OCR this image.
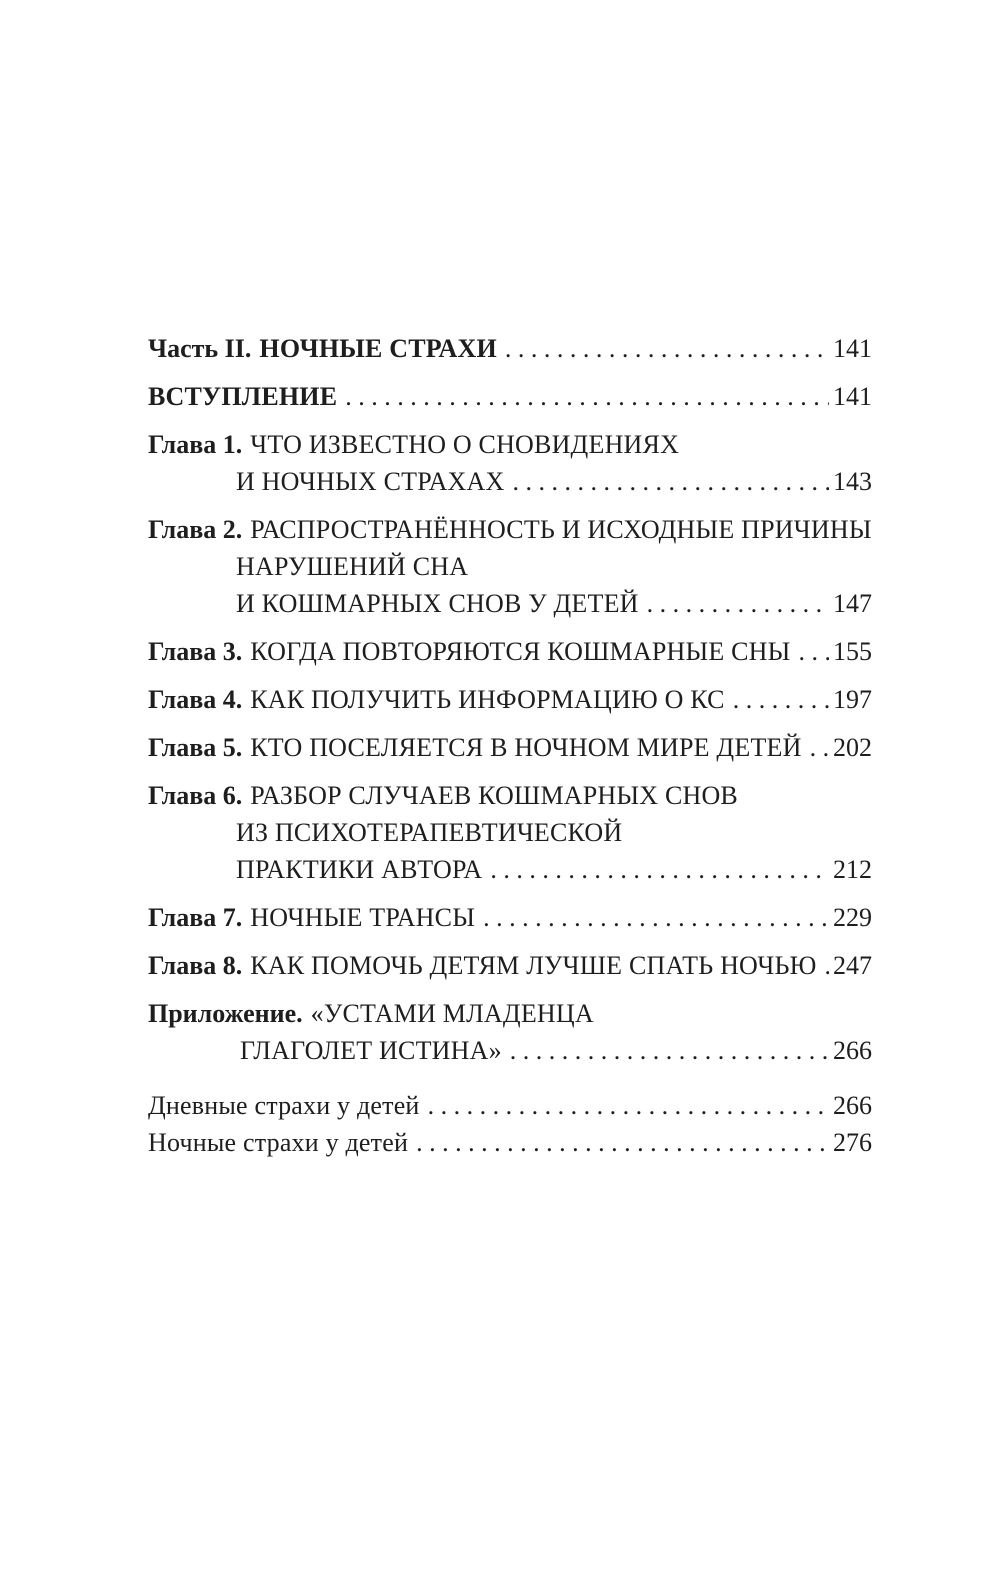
Часть II. НОЧНЫЕ СТРАХИ . . .	141
ВСТУПЛЕНИЕ . . .	141
Глава 1. ЧТО ИЗВЕСТНО О СНОВИДЕНИЯХ
И НОЧНЫХ СТРАХАХ . . .	143
Глава 2. РАСПРОСТРАНЁННОСТЬ И ИСХОДНЫЕ ПРИЧИНЫ
НАРУШЕНИЙ СНА
И КОШМАРНЫХ СНОВ У ДЕТЕЙ . . .	147
Глава 3. КОГДА ПОВТОРЯЮТСЯ КОШМАРНЫЕ СНЫ . . . 155
Глава 4. КАК ПОЛУЧИТЬ ИНФОРМАЦИЮ О КС . . .	197
Глава 5. КТО ПОСЕЛЯЕТСЯ В НОЧНОМ МИРЕ ДЕТЕЙ . . . 202
Глава 6. РАЗБОР СЛУЧАЕВ КОШМАРНЫХ СНОВ
ИЗ ПСИХОТЕРАПЕВТИЧЕСКОЙ
ПРАКТИКИ АВТОРА . . .	212
Глава 7. НОЧНЫЕ ТРАНСЫ . . .	229
Глава 8. КАК ПОМОЧЬ ДЕТЯМ ЛУЧШЕ СПАТЬ НОЧЬЮ . . . 247
Приложение. «УСТАМИ МЛАДЕНЦА
ГЛАГОЛЕТ ИСТИНА» . . .	266
Дневные страхи у детей . . .	266
Ночные страхи у детей . . .	276
